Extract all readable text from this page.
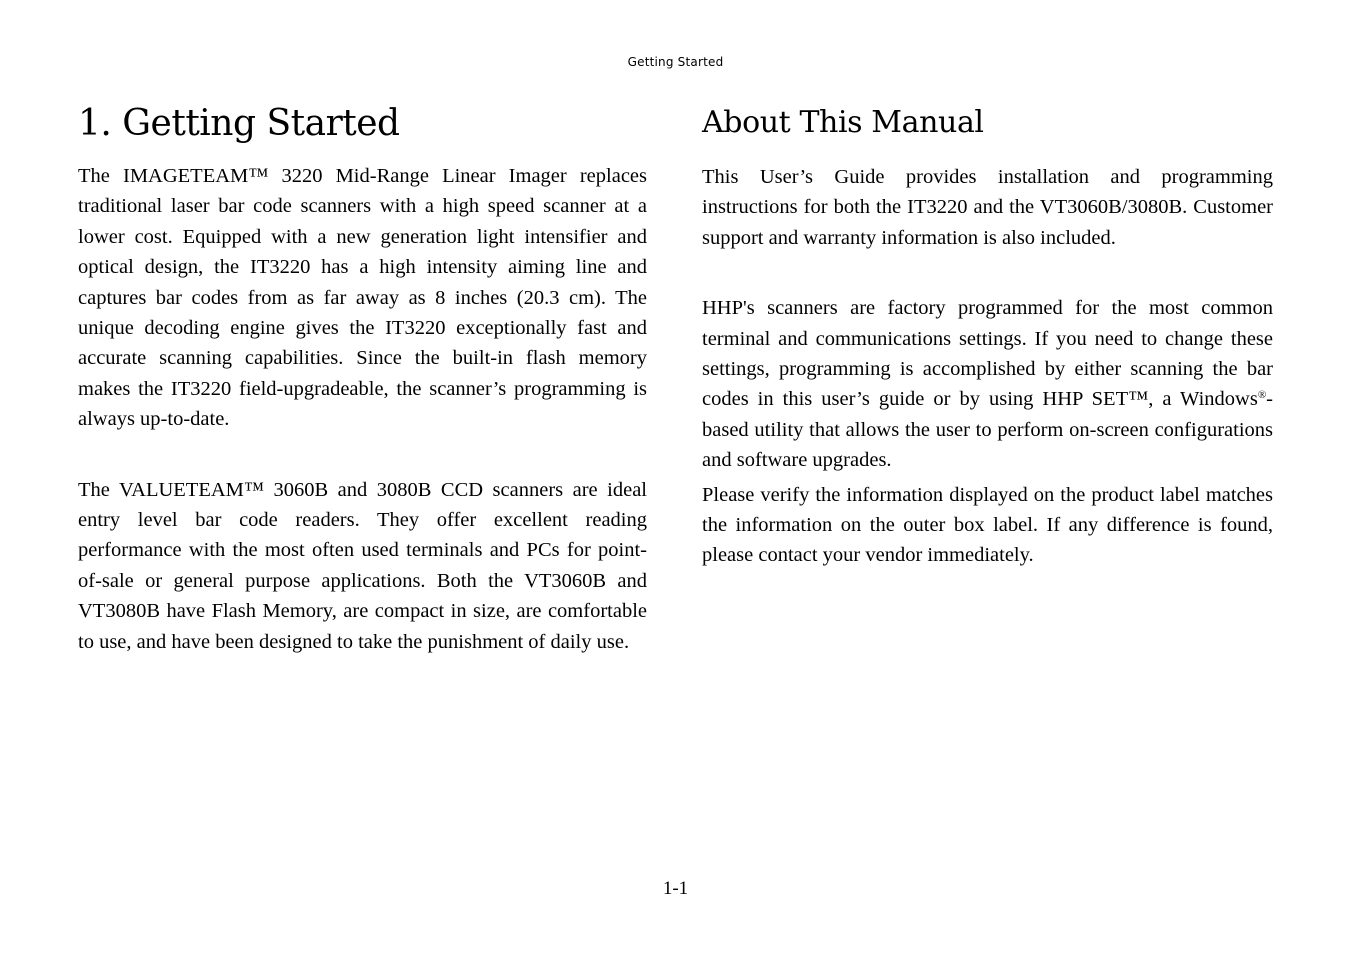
Getting Started
1. Getting Started

The IMAGETEAM™ 3220 Mid-Range Linear Imager replaces traditional laser bar code scanners with a high speed scanner at a lower cost. Equipped with a new generation light intensifier and optical design, the IT3220 has a high intensity aiming line and captures bar codes from as far away as 8 inches (20.3 cm). The unique decoding engine gives the IT3220 exceptionally fast and accurate scanning capabilities. Since the built-in flash memory makes the IT3220 field-upgradeable, the scanner’s programming is always up-to-date.

The VALUETEAM™ 3060B and 3080B CCD scanners are ideal entry level bar code readers. They offer excellent reading performance with the most often used terminals and PCs for point-of-sale or general purpose applications. Both the VT3060B and VT3080B have Flash Memory, are compact in size, are comfortable to use, and have been designed to take the punishment of daily use.

About This Manual

This User’s Guide provides installation and programming instructions for both the IT3220 and the VT3060B/3080B. Customer support and warranty information is also included.

HHP's scanners are factory programmed for the most common terminal and communications settings. If you need to change these settings, programming is accomplished by either scanning the bar codes in this user’s guide or by using HHP SET™, a Windows®-based utility that allows the user to perform on-screen configurations and software upgrades.

Please verify the information displayed on the product label matches the information on the outer box label. If any difference is found, please contact your vendor immediately.

1-1
